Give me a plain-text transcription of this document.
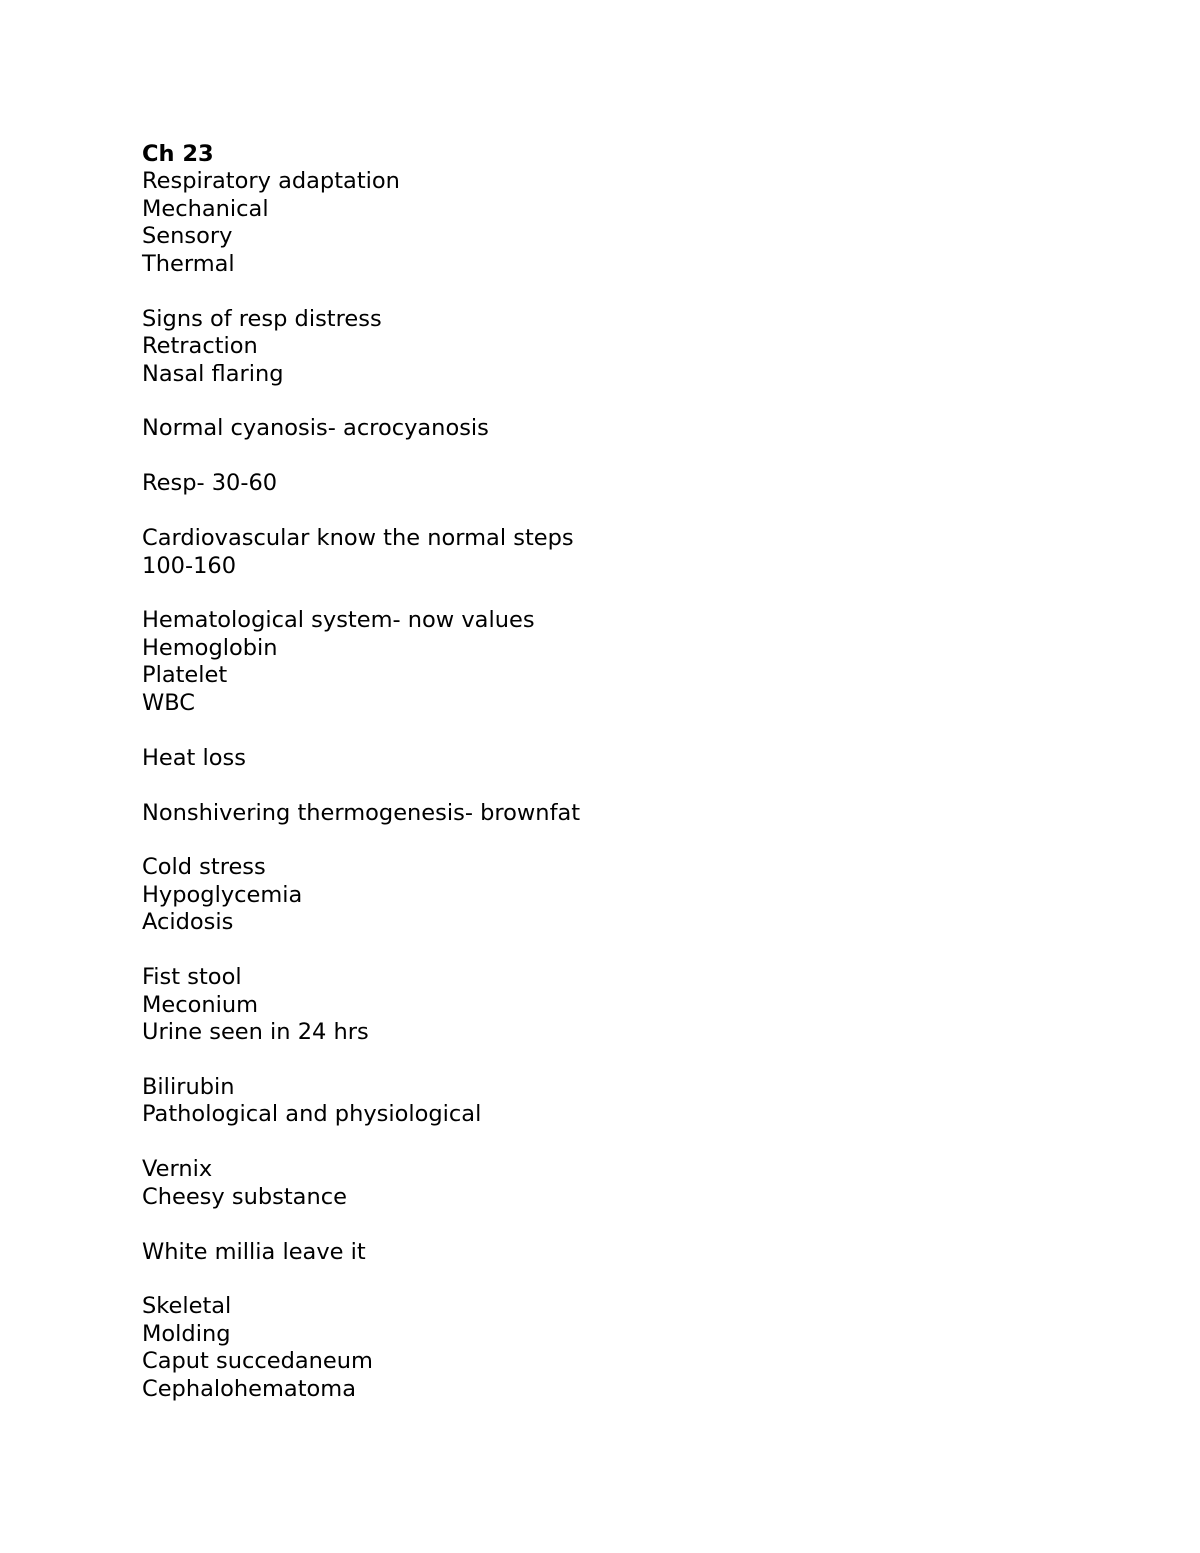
Ch 23
Respiratory adaptation
Mechanical
Sensory
Thermal
Signs of resp distress
Retraction
Nasal flaring
Normal cyanosis- acrocyanosis
Resp- 30-60
Cardiovascular know the normal steps
100-160
Hematological system- now values
Hemoglobin
Platelet
WBC
Heat loss
Nonshivering thermogenesis- brownfat
Cold stress
Hypoglycemia
Acidosis
Fist stool
Meconium
Urine seen in 24 hrs
Bilirubin
Pathological and physiological
Vernix
Cheesy substance
White millia leave it
Skeletal
Molding
Caput succedaneum
Cephalohematoma
